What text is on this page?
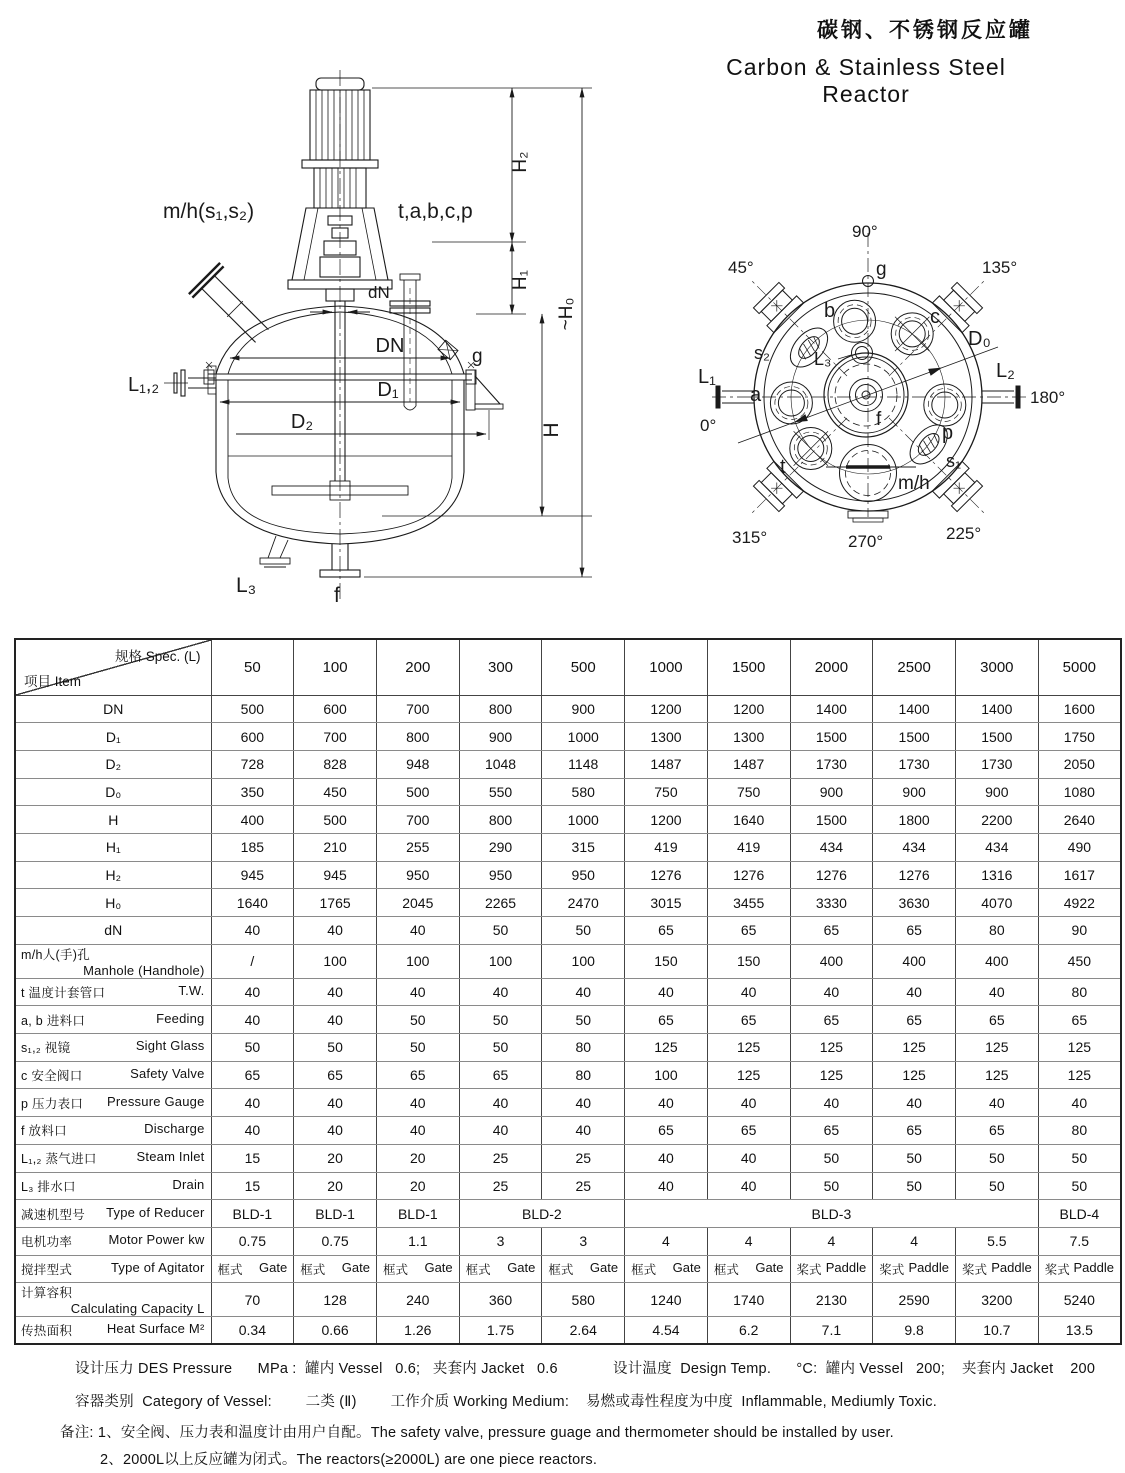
碳钢、不锈钢反应罐
Carbon & Stainless Steel Reactor
m/h(s₁,s₂)	t,a,b,c,p
H₂
H₁
H
~H₀
dN
DN
D₁
D₂
L₁,₂
g
L₃	f
90°
45°	135°
0°
180°
315°	225°
270°
g
b	c
a
p
t
s₂
s₁
L₃
m/h
f
L₁	L₂
D₀
规格 Spec. (L)
项目 Item	50	100	200	300	500	1000	1500	2000	2500	3000	5000
DN	500	600	700	800	900	1200	1200	1400	1400	1400	1600
D₁	600	700	800	900	1000	1300	1300	1500	1500	1500	1750
D₂	728	828	948	1048	1148	1487	1487	1730	1730	1730	2050
D₀	350	450	500	550	580	750	750	900	900	900	1080
H	400	500	700	800	1000	1200	1640	1500	1800	2200	2640
H₁	185	210	255	290	315	419	419	434	434	434	490
H₂	945	945	950	950	950	1276	1276	1276	1276	1316	1617
H₀	1640	1765	2045	2265	2470	3015	3455	3330	3630	4070	4922
dN	40	40	40	50	50	65	65	65	65	80	90

m/h人(手)孔
Manhole (Handhole)	/	100	100	100	100	150	150	400	400	400	450

t 温度计套管口 T.W.	40	40	40	40	40	40	40	40	40	40	80

a, b 进料口 Feeding	40	40	50	50	50	65	65	65	65	65	65

s₁,₂ 视镜 Sight Glass	50	50	50	50	80	125	125	125	125	125	125

c 安全阀口 Safety Valve	65	65	65	65	80	100	125	125	125	125	125

p 压力表口 Pressure Gauge	40	40	40	40	40	40	40	40	40	40	40

f 放料口 Discharge	40	40	40	40	40	65	65	65	65	65	80

L₁,₂ 蒸气进口 Steam Inlet	15	20	20	25	25	40	40	50	50	50	50

L₃ 排水口 Drain	15	20	20	25	25	40	40	50	50	50	50

减速机型号 Type of Reducer	BLD-1	BLD-1	BLD-1	BLD-2		BLD-3					BLD-4

电机功率 Motor Power kw	0.75	0.75	1.1	3	3	4	4	4	4	5.5	7.5

搅拌型式 Type of Agitator	框式 Gate	框式 Gate	框式 Gate	框式 Gate	框式 Gate	框式 Gate	框式 Gate	桨式 Paddle	桨式 Paddle	桨式 Paddle	桨式 Paddle

计算容积
Calculating Capacity L	70	128	240	360	580	1240	1740	2130	2590	3200	5240

传热面积 Heat Surface M²	0.34	0.66	1.26	1.75	2.64	4.54	6.2	7.1	9.8	10.7	13.5
设计压力 DES Pressure      MPa :  罐内 Vessel   0.6;   夹套内 Jacket   0.6	设计温度  Design Temp.      °C:  罐内 Vessel   200;    夹套内 Jacket    200
容器类别  Category of Vessel:        二类 (Ⅱ)        工作介质 Working Medium:    易燃或毒性程度为中度  Inflammable, Mediumly Toxic.
备注: 1、安全阀、压力表和温度计由用户自配。The safety valve, pressure guage and thermometer should be installed by user.
2、2000L以上反应罐为闭式。The reactors(≥2000L) are one piece reactors.
